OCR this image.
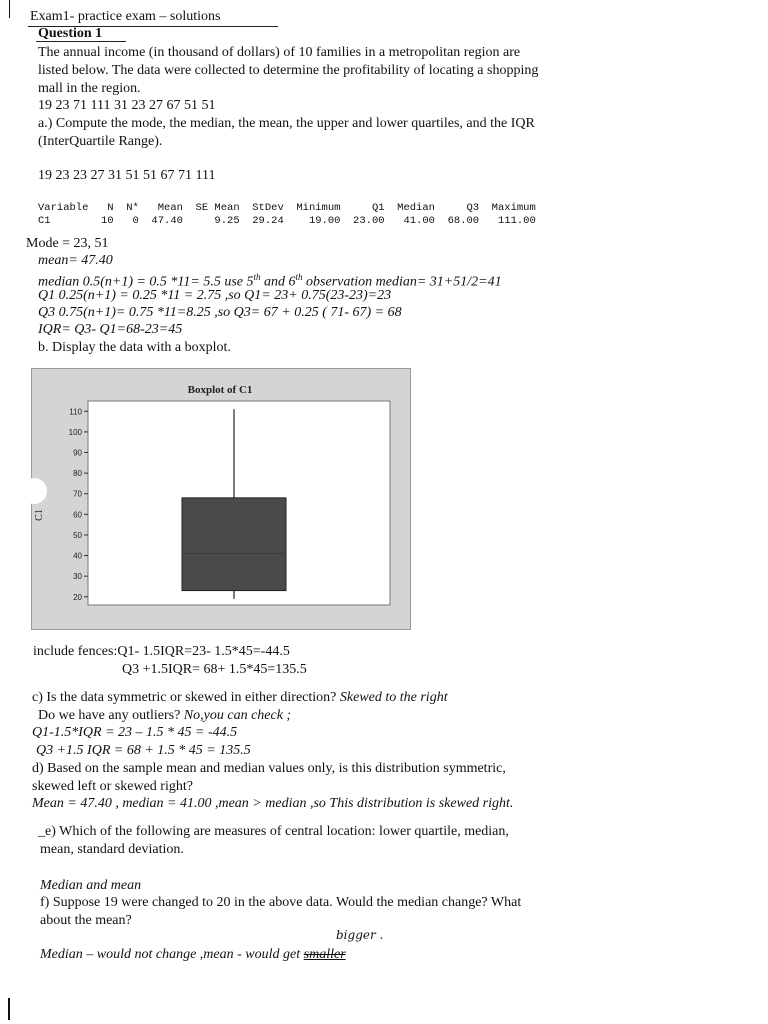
Exam1- practice exam – solutions
Question 1
The annual income (in thousand of dollars) of 10 families in a metropolitan region are
listed below. The data were collected to determine the profitability of locating a shopping
mall in the region.
19 23 71 111 31 23 27 67 51 51
a.) Compute the mode, the median, the mean, the upper and lower quartiles, and the IQR
(InterQuartile Range).
19 23 23 27 31 51 51 67 71 111
Variable   N  N*   Mean  SE Mean  StDev  Minimum     Q1  Median     Q3  Maximum
C1        10   0  47.40     9.25  29.24    19.00  23.00   41.00  68.00   111.00
Mode = 23, 51
mean= 47.40
median 0.5(n+1) = 0.5 *11= 5.5 use 5th and 6th observation median= 31+51/2=41
Q1 0.25(n+1) = 0.25 *11 = 2.75 ,so Q1= 23+ 0.75(23-23)=23
Q3 0.75(n+1)= 0.75 *11=8.25 ,so Q3= 67 + 0.25 ( 71- 67) = 68
IQR= Q3- Q1=68-23=45
b. Display the data with a boxplot.
Boxplot of C1
C1
20
30
40
50
60
70
80
90
100
110
include fences:Q1- 1.5IQR=23- 1.5*45=-44.5
Q3 +1.5IQR= 68+ 1.5*45=135.5
c) Is the data symmetric or skewed in either direction? Skewed to the right
Do we have any outliers? No,you can check ;
Q1-1.5*IQR = 23 – 1.5 * 45 = -44.5
Q3 +1.5 IQR = 68 + 1.5 * 45 = 135.5
d) Based on the sample mean and median values only, is this distribution symmetric,
skewed left or skewed right?
Mean = 47.40 , median = 41.00 ,mean > median ,so This distribution is skewed right.
_e) Which of the following are measures of central location: lower quartile, median,
mean, standard deviation.
Median and mean
f) Suppose 19 were changed to 20 in the above data. Would the median change? What
about the mean?
bigger .
Median – would not change ,mean - would get smaller
